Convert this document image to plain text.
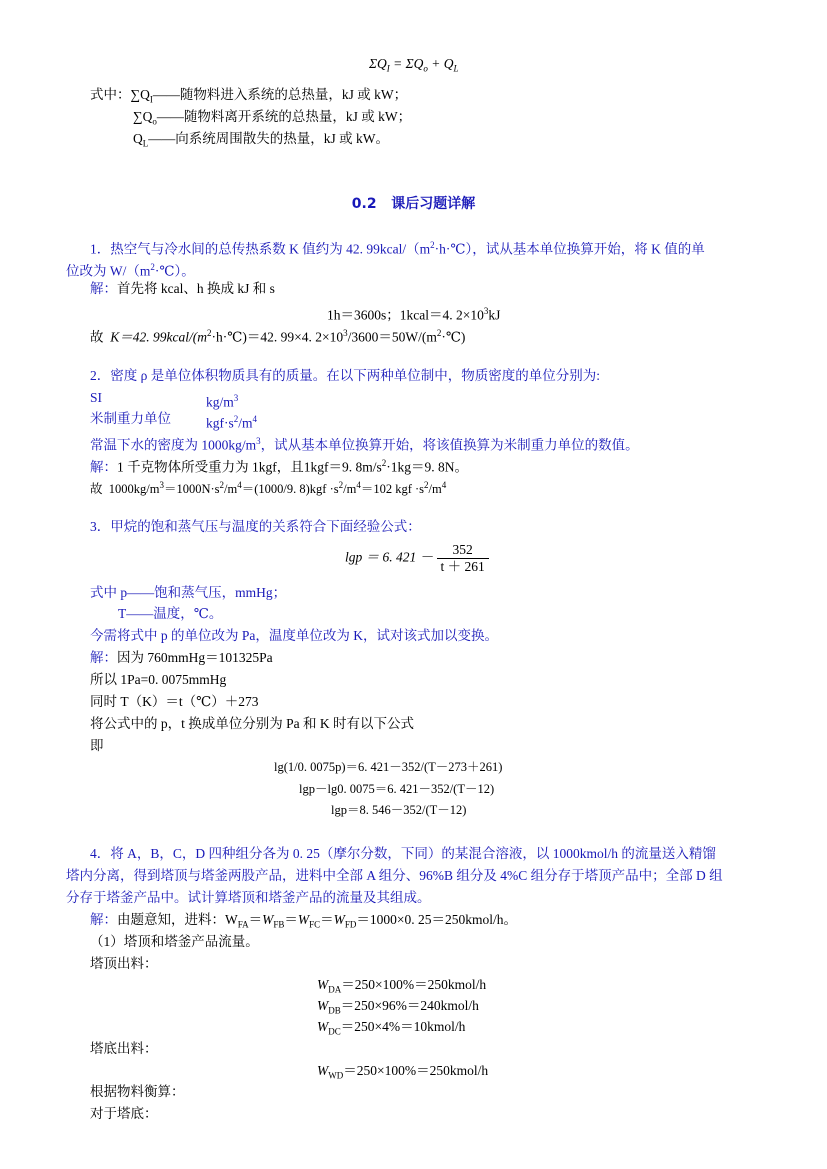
$\Sigma Q_I = \Sigma Q_o + Q_L$
式中：$\sum Q_I——$随物料进入系统的总热量，kJ 或 kW；
$\sum Q_o——$随物料离开系统的总热量，kJ 或 kW；
$Q_L——$向系统周围散失的热量，kJ 或 kW。
0.2 课后习题详解
1．热空气与冷水间的总传热系数 K 值约为 42. $99kcal/(m^2\cdot h\cdot℃)$，试从基本单位换算开始，将 K 值的单
位改为 $W/(m^2\cdot℃)$。
解：首先将 kcal、h 换成 kJ 和 s
1h＝3600s；1kcal＝4. $2\times 10^3kJ$
故 K＝42. $99kcal/(m^2\cdot h\cdot℃)=42$. 99×4. $2\times 10^3/3600=50W/(m^2\cdot℃)$
2．密度 ρ 是单位体积物质具有的质量。在以下两种单位制中，物质密度的单位分别为:
SI	$kg/m^3$
米制重力单位	$kgf\cdot s^2/m^4$
常温下水的密度为 $1000kg/m^3$，试从基本单位换算开始，将该值换算为米制重力单位的数值。
解：1 千克物体所受重力为 1kgf，且1kgf＝9. $8m/s^2\cdot 1kg=9$. 8N。
故 $1000kg/m^3=1000N\cdot s^2/m^4=(1000/9$. $8)kgf \cdot s^2/m^4=102$ kgf $\cdot s^2/m^4$
3．甲烷的饱和蒸气压与温度的关系符合下面经验公式：
lgp ＝ 6. $421 - \frac{352}{t + 261}$
式中 p——饱和蒸气压，mmHg；
T——温度，℃。
今需将式中 p 的单位改为 Pa，温度单位改为 K，试对该式加以变换。
解：因为 760mmHg＝101325Pa
所以 1Pa=0. 0075mmHg
同时 T（K）＝t（℃）＋273
将公式中的 p，t 换成单位分别为 Pa 和 K 时有以下公式
即
lg(1/0. 0075p)＝6. 421－352/(T－273＋261)
lgp－lg0. 0075＝6. 421－352/(T－12)
lgp＝8. 546－352/(T－12)
4．将 A，B，C，D 四种组分各为 0. 25（摩尔分数，下同）的某混合溶液，以 1000kmol/h 的流量送入精馏
塔内分离，得到塔顶与塔釜两股产品，进料中全部 A 组分、96%B 组分及 4%C 组分存于塔顶产品中；全部 D 组
分存于塔釜产品中。试计算塔顶和塔釜产品的流量及其组成。
解：由题意知，进料：$W_{FA}=W_{FB}=W_{FC}=W_{FD}=1000\times 0$. 25＝250kmol/h。
（1）塔顶和塔釜产品流量。
塔顶出料：
$W_{DA}=250\times 100\%=250kmol/h$
$W_{DB}=250\times 96\%=240kmol/h$
$W_{DC}=250\times 4\%=10kmol/h$
塔底出料：
$W_{WD}=250\times 100\%=250kmol/h$
根据物料衡算：
对于塔底：
